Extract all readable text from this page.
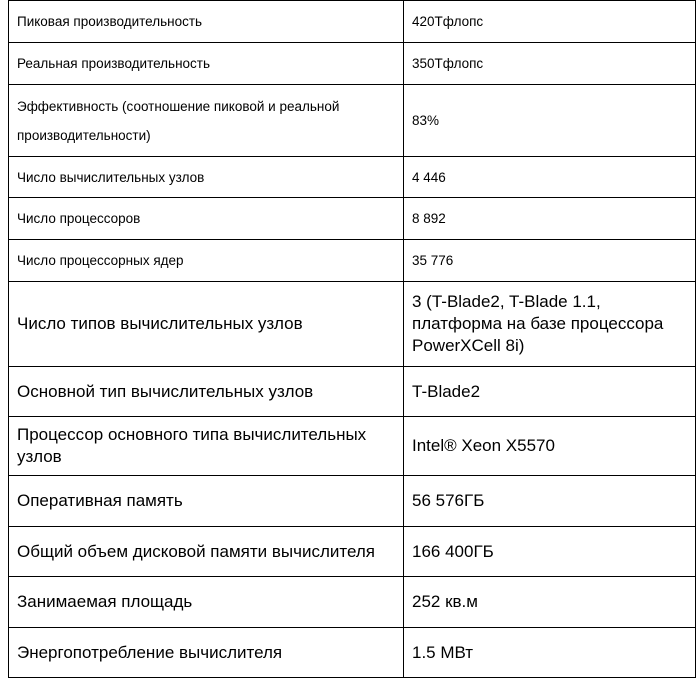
Пиковая производительность	420Тфлопс
Реальная производительность	350Тфлопс
Эффективность (соотношение пиковой и реальной производительности)	83%
Число вычислительных узлов	4 446
Число процессоров	8 892
Число процессорных ядер	35 776
Число типов вычислительных узлов	3 (T-Blade2, T-Blade 1.1, платформа на базе процессора PowerXCell 8i)
Основной тип вычислительных узлов	T-Blade2
Процессор основного типа вычислительных узлов	Intel® Xeon X5570
Оперативная память	56 576ГБ
Общий объем дисковой памяти вычислителя	166 400ГБ
Занимаемая площадь	252 кв.м
Энергопотребление вычислителя	1.5 МВт
